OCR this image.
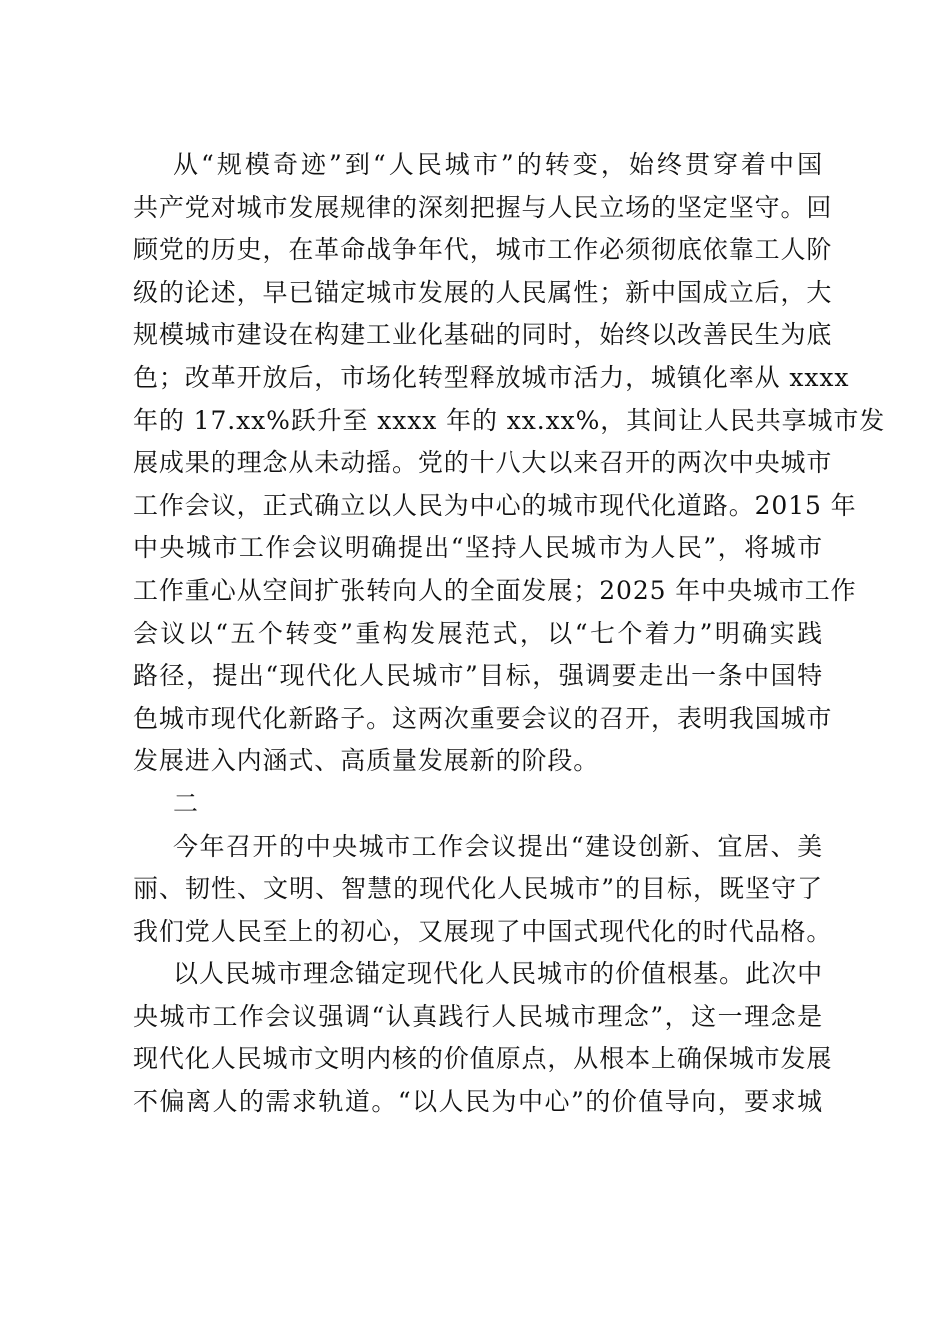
从“规模奇迹”到“人民城市”的转变，始终贯穿着中国
共产党对城市发展规律的深刻把握与人民立场的坚定坚守。回
顾党的历史，在革命战争年代，城市工作必须彻底依靠工人阶
级的论述，早已锚定城市发展的人民属性；新中国成立后，大
规模城市建设在构建工业化基础的同时，始终以改善民生为底
色；改革开放后，市场化转型释放城市活力，城镇化率从 xxxx
年的 17.xx%跃升至 xxxx 年的 xx.xx%，其间让人民共享城市发
展成果的理念从未动摇。党的十八大以来召开的两次中央城市
工作会议，正式确立以人民为中心的城市现代化道路。2015 年
中央城市工作会议明确提出“坚持人民城市为人民”，将城市
工作重心从空间扩张转向人的全面发展；2025 年中央城市工作
会议以“五个转变”重构发展范式，以“七个着力”明确实践
路径，提出“现代化人民城市”目标，强调要走出一条中国特
色城市现代化新路子。这两次重要会议的召开，表明我国城市
发展进入内涵式、高质量发展新的阶段。
二
今年召开的中央城市工作会议提出“建设创新、宜居、美
丽、韧性、文明、智慧的现代化人民城市”的目标，既坚守了
我们党人民至上的初心，又展现了中国式现代化的时代品格。
以人民城市理念锚定现代化人民城市的价值根基。此次中
央城市工作会议强调“认真践行人民城市理念”，这一理念是
现代化人民城市文明内核的价值原点，从根本上确保城市发展
不偏离人的需求轨道。“以人民为中心”的价值导向，要求城
